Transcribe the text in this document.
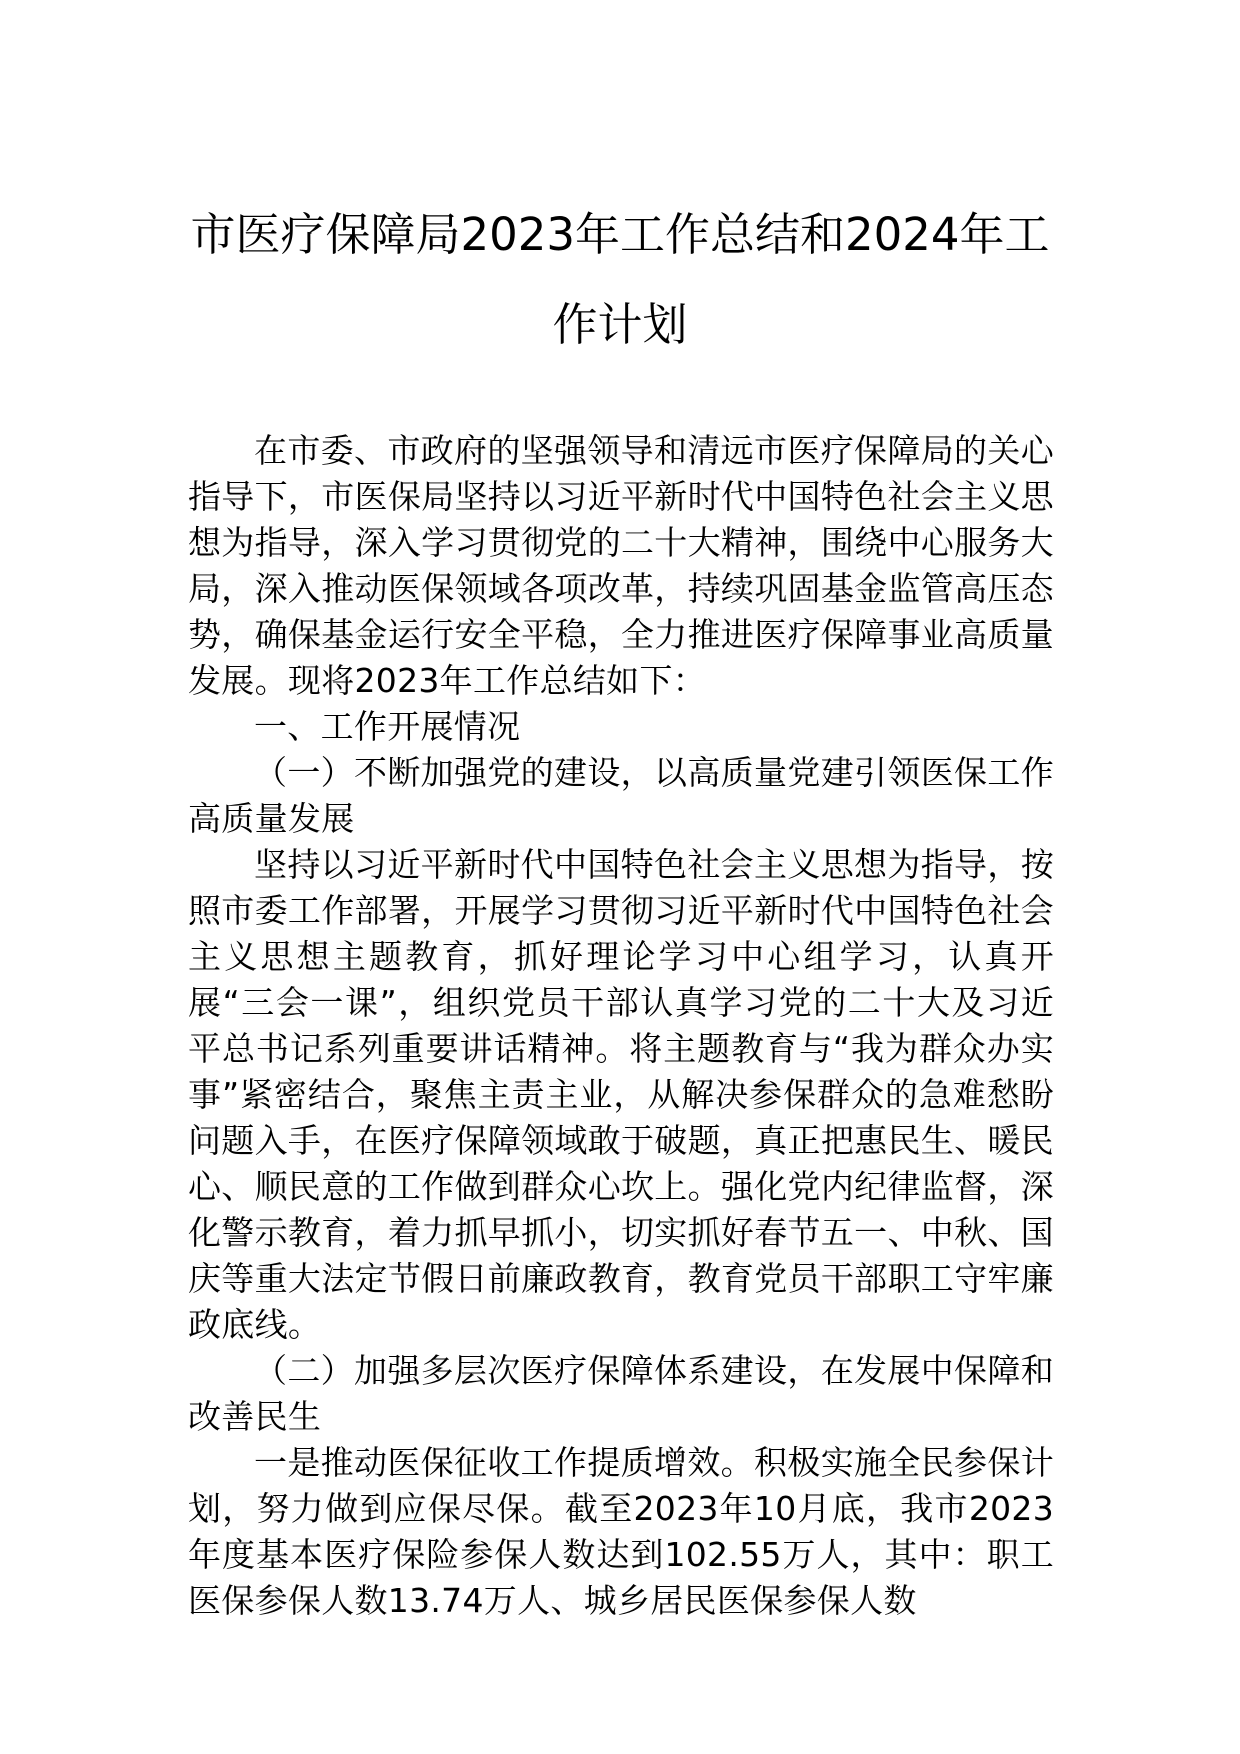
市医疗保障局2023年工作总结和2024年工作计划

在市委、市政府的坚强领导和清远市医疗保障局的关心指导下，市医保局坚持以习近平新时代中国特色社会主义思想为指导，深入学习贯彻党的二十大精神，围绕中心服务大局，深入推动医保领域各项改革，持续巩固基金监管高压态势，确保基金运行安全平稳，全力推进医疗保障事业高质量发展。现将2023年工作总结如下：

一、工作开展情况

（一）不断加强党的建设，以高质量党建引领医保工作高质量发展

坚持以习近平新时代中国特色社会主义思想为指导，按照市委工作部署，开展学习贯彻习近平新时代中国特色社会主义思想主题教育，抓好理论学习中心组学习，认真开展“三会一课”，组织党员干部认真学习党的二十大及习近平总书记系列重要讲话精神。将主题教育与“我为群众办实事”紧密结合，聚焦主责主业，从解决参保群众的急难愁盼问题入手，在医疗保障领域敢于破题，真正把惠民生、暖民心、顺民意的工作做到群众心坎上。强化党内纪律监督，深化警示教育，着力抓早抓小，切实抓好春节五一、中秋、国庆等重大法定节假日前廉政教育，教育党员干部职工守牢廉政底线。

（二）加强多层次医疗保障体系建设，在发展中保障和改善民生

一是推动医保征收工作提质增效。积极实施全民参保计划，努力做到应保尽保。截至2023年10月底，我市2023年度基本医疗保险参保人数达到102.55万人，其中：职工医保参保人数13.74万人、城乡居民医保参保人数
